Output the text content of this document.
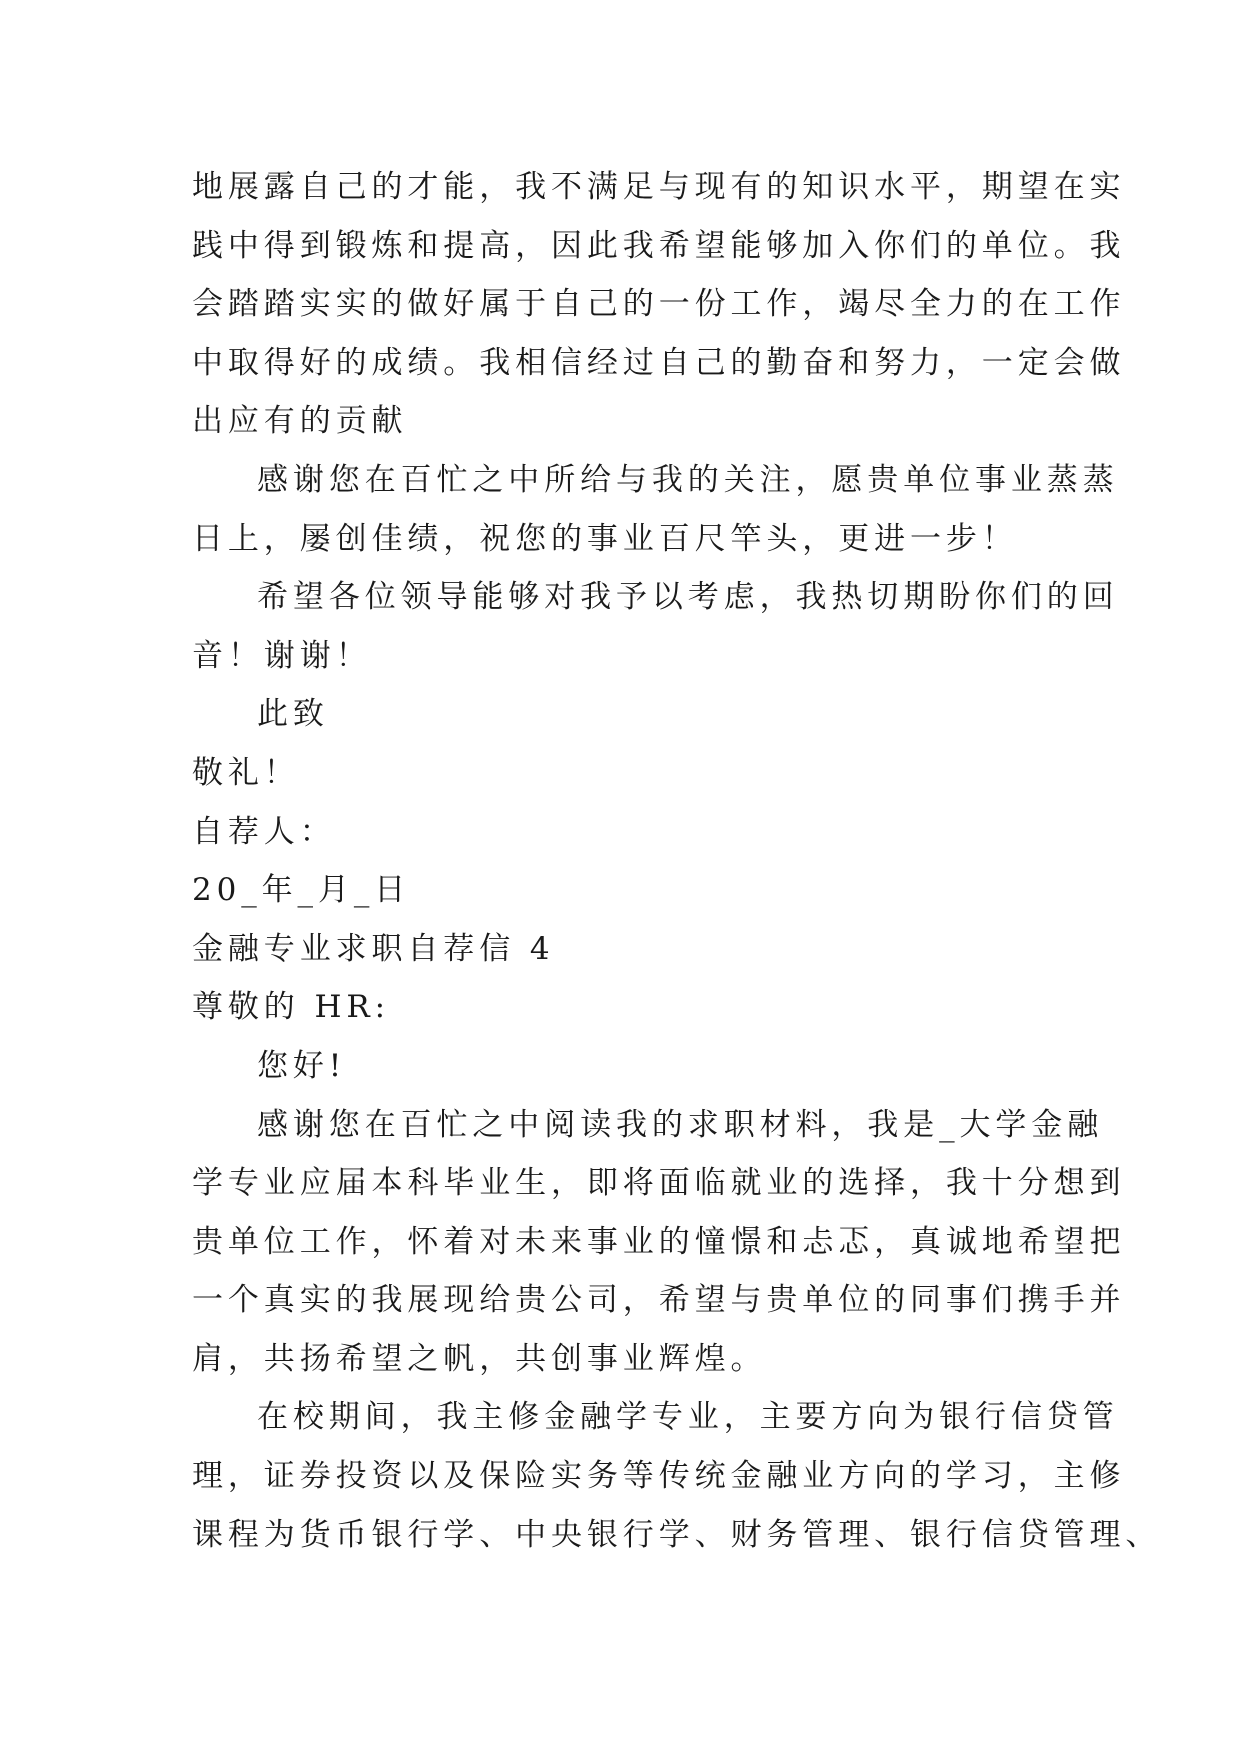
地展露自己的才能，我不满足与现有的知识水平，期望在实

践中得到锻炼和提高，因此我希望能够加入你们的单位。我

会踏踏实实的做好属于自己的一份工作，竭尽全力的在工作

中取得好的成绩。我相信经过自己的勤奋和努力，一定会做

出应有的贡献

感谢您在百忙之中所给与我的关注，愿贵单位事业蒸蒸

日上，屡创佳绩，祝您的事业百尺竿头，更进一步！

希望各位领导能够对我予以考虑，我热切期盼你们的回

音！谢谢！

此致

敬礼！

自荐人：

20_年_月_日

金融专业求职自荐信 4

尊敬的 HR:

您好!

感谢您在百忙之中阅读我的求职材料，我是_大学金融

学专业应届本科毕业生，即将面临就业的选择，我十分想到

贵单位工作，怀着对未来事业的憧憬和忐忑，真诚地希望把

一个真实的我展现给贵公司，希望与贵单位的同事们携手并

肩，共扬希望之帆，共创事业辉煌。

在校期间，我主修金融学专业，主要方向为银行信贷管

理，证券投资以及保险实务等传统金融业方向的学习，主修

课程为货币银行学、中央银行学、财务管理、银行信贷管理、
